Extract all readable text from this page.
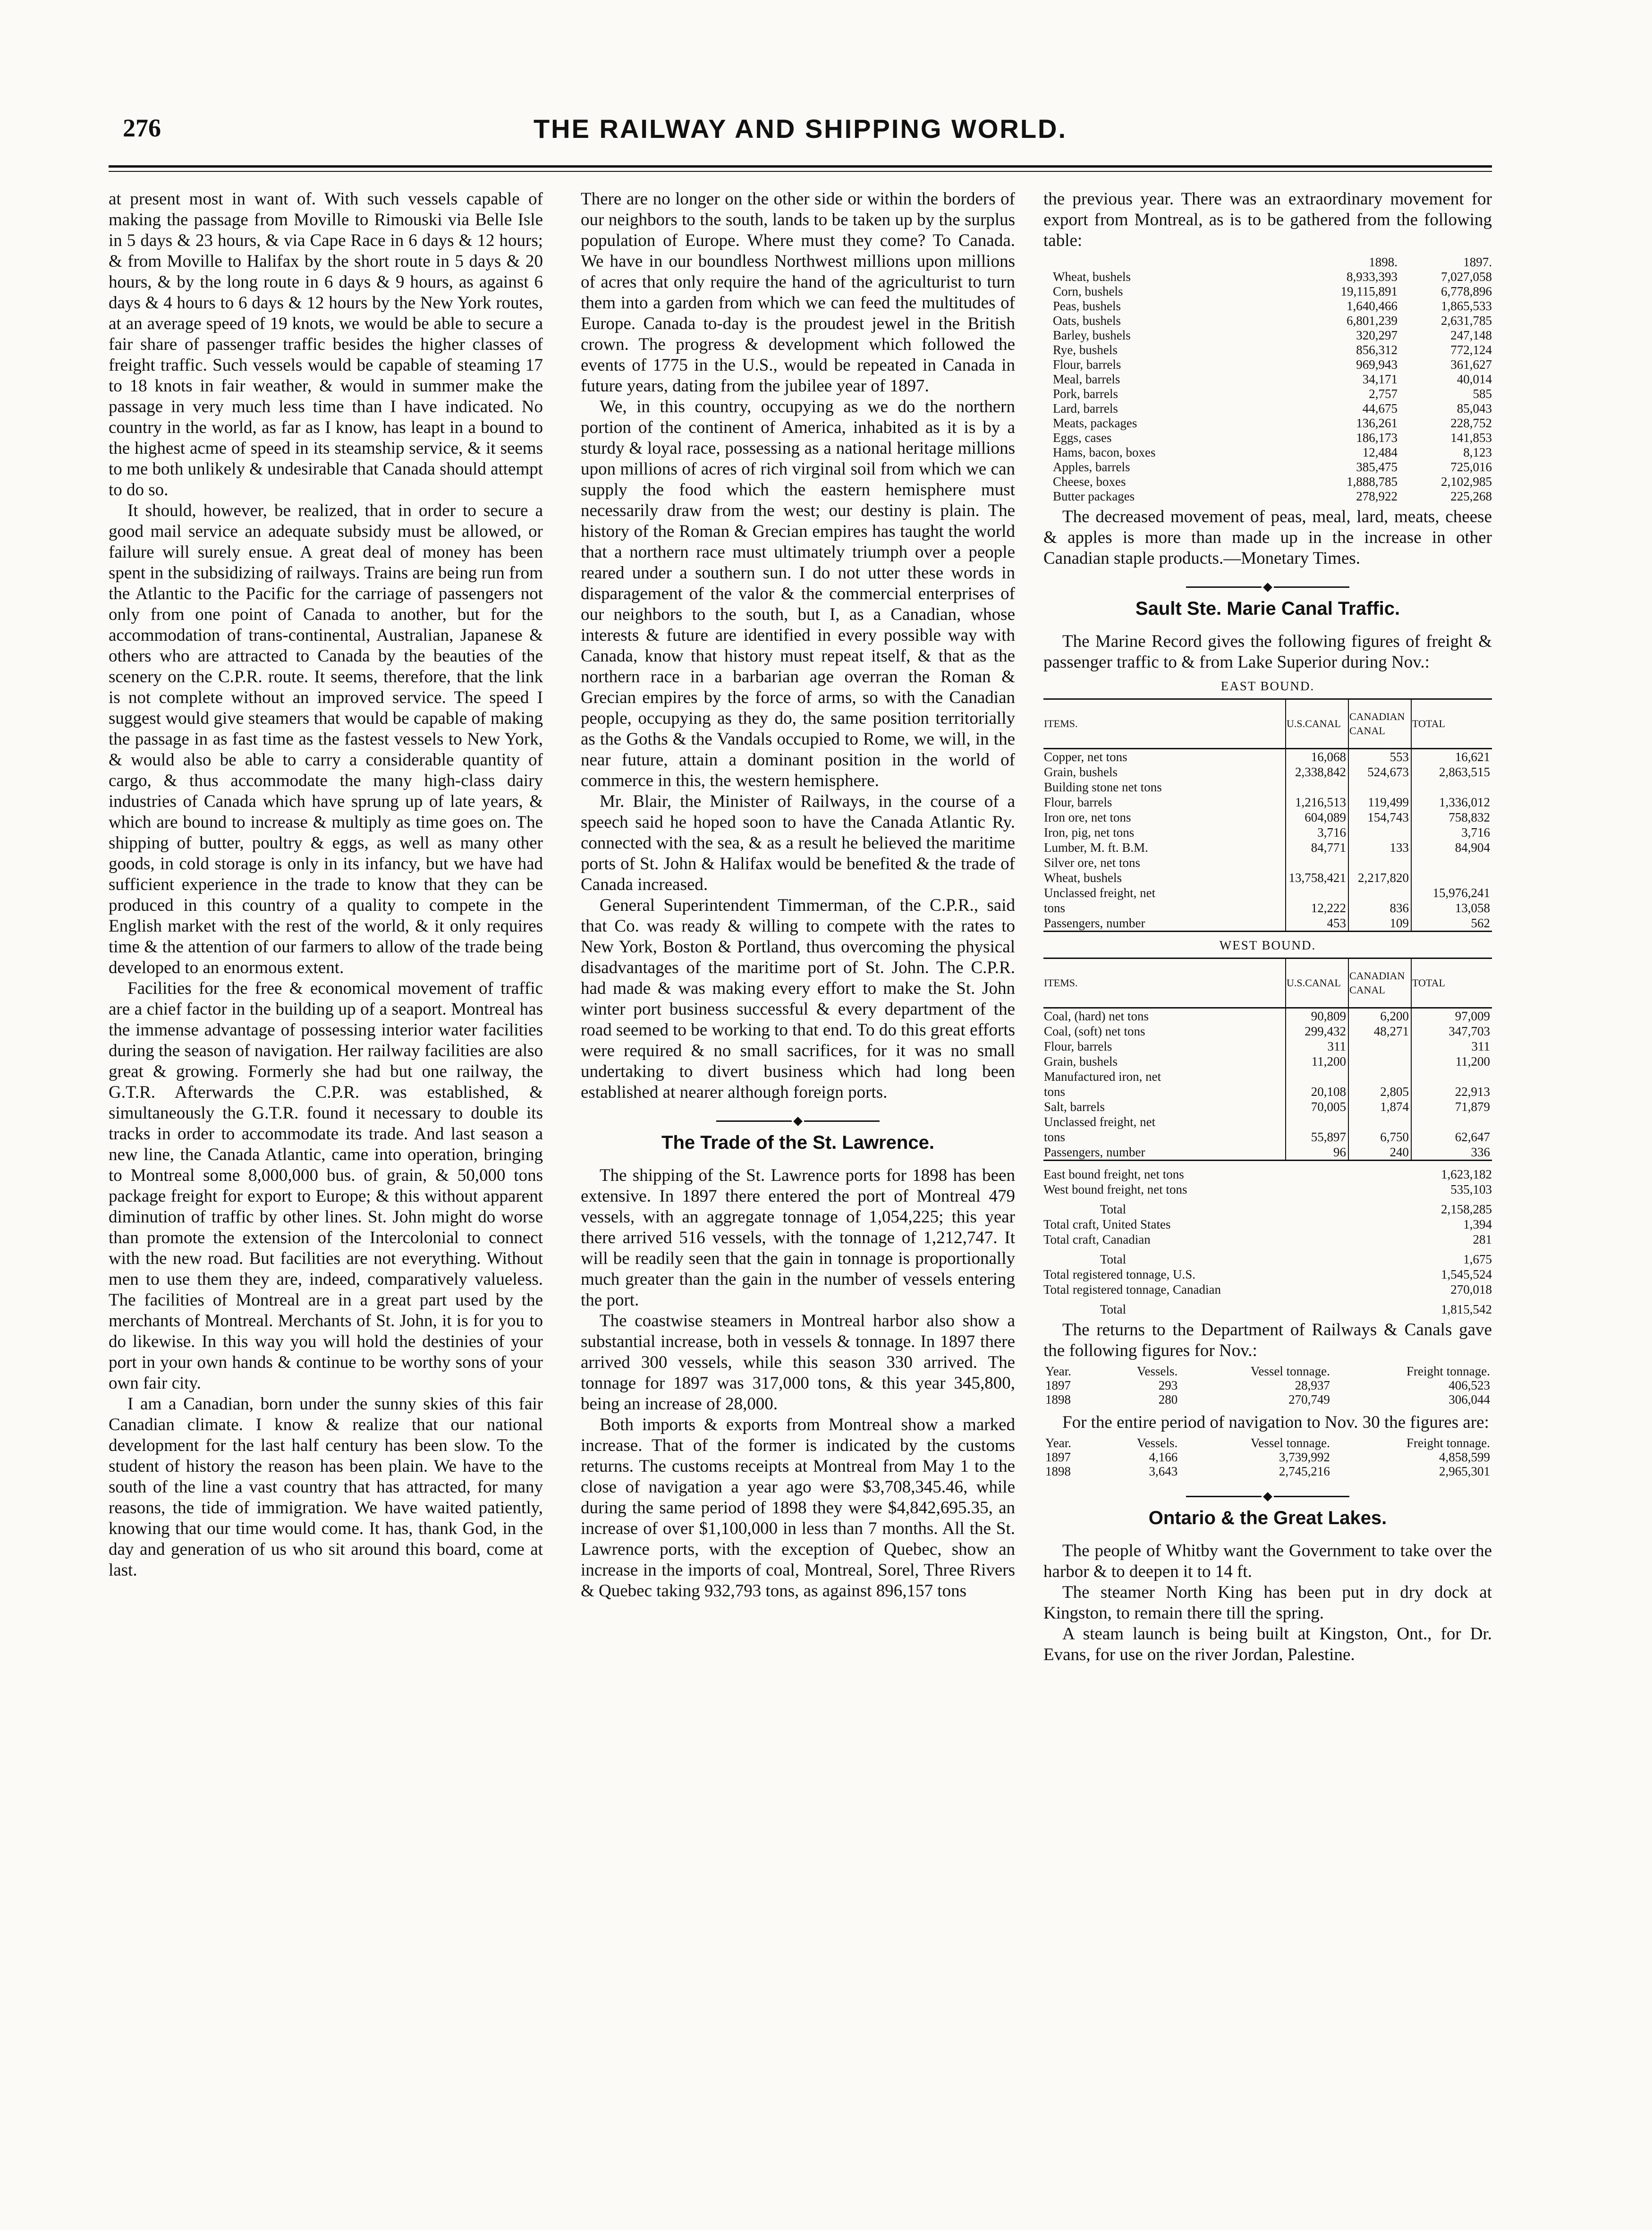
276	THE RAILWAY AND SHIPPING WORLD.

at present most in want of. With such vessels capable of making the passage from Moville to Rimouski via Belle Isle in 5 days & 23 hours, & via Cape Race in 6 days & 12 hours; & from Moville to Halifax by the short route in 5 days & 20 hours, & by the long route in 6 days & 9 hours, as against 6 days & 4 hours to 6 days & 12 hours by the New York routes, at an average speed of 19 knots, we would be able to secure a fair share of passenger traffic besides the higher classes of freight traffic. Such vessels would be capable of steaming 17 to 18 knots in fair weather, & would in summer make the passage in very much less time than I have indicated. No country in the world, as far as I know, has leapt in a bound to the highest acme of speed in its steamship service, & it seems to me both unlikely & undesirable that Canada should attempt to do so.

It should, however, be realized, that in order to secure a good mail service an adequate subsidy must be allowed, or failure will surely ensue. A great deal of money has been spent in the subsidizing of railways. Trains are being run from the Atlantic to the Pacific for the carriage of passengers not only from one point of Canada to another, but for the accommodation of trans-continental, Australian, Japanese & others who are attracted to Canada by the beauties of the scenery on the C.P.R. route. It seems, therefore, that the link is not complete without an improved service. The speed I suggest would give steamers that would be capable of making the passage in as fast time as the fastest vessels to New York, & would also be able to carry a considerable quantity of cargo, & thus accommodate the many high-class dairy industries of Canada which have sprung up of late years, & which are bound to increase & multiply as time goes on. The shipping of butter, poultry & eggs, as well as many other goods, in cold storage is only in its infancy, but we have had sufficient experience in the trade to know that they can be produced in this country of a quality to compete in the English market with the rest of the world, & it only requires time & the attention of our farmers to allow of the trade being developed to an enormous extent.

Facilities for the free & economical movement of traffic are a chief factor in the building up of a seaport. Montreal has the immense advantage of possessing interior water facilities during the season of navigation. Her railway facilities are also great & growing. Formerly she had but one railway, the G.T.R. Afterwards the C.P.R. was established, & simultaneously the G.T.R. found it necessary to double its tracks in order to accommodate its trade. And last season a new line, the Canada Atlantic, came into operation, bringing to Montreal some 8,000,000 bus. of grain, & 50,000 tons package freight for export to Europe; & this without apparent diminution of traffic by other lines. St. John might do worse than promote the extension of the Intercolonial to connect with the new road. But facilities are not everything. Without men to use them they are, indeed, comparatively valueless. The facilities of Montreal are in a great part used by the merchants of Montreal. Merchants of St. John, it is for you to do likewise. In this way you will hold the destinies of your port in your own hands & continue to be worthy sons of your own fair city.

I am a Canadian, born under the sunny skies of this fair Canadian climate. I know & realize that our national development for the last half century has been slow. To the student of history the reason has been plain. We have to the south of the line a vast country that has attracted, for many reasons, the tide of immigration. We have waited patiently, knowing that our time would come. It has, thank God, in the day and generation of us who sit around this board, come at last.

There are no longer on the other side or within the borders of our neighbors to the south, lands to be taken up by the surplus population of Europe. Where must they come? To Canada. We have in our boundless Northwest millions upon millions of acres that only require the hand of the agriculturist to turn them into a garden from which we can feed the multitudes of Europe. Canada to-day is the proudest jewel in the British crown. The progress & development which followed the events of 1775 in the U.S., would be repeated in Canada in future years, dating from the jubilee year of 1897.

We, in this country, occupying as we do the northern portion of the continent of America, inhabited as it is by a sturdy & loyal race, possessing as a national heritage millions upon millions of acres of rich virginal soil from which we can supply the food which the eastern hemisphere must necessarily draw from the west; our destiny is plain. The history of the Roman & Grecian empires has taught the world that a northern race must ultimately triumph over a people reared under a southern sun. I do not utter these words in disparagement of the valor & the commercial enterprises of our neighbors to the south, but I, as a Canadian, whose interests & future are identified in every possible way with Canada, know that history must repeat itself, & that as the northern race in a barbarian age overran the Roman & Grecian empires by the force of arms, so with the Canadian people, occupying as they do, the same position territorially as the Goths & the Vandals occupied to Rome, we will, in the near future, attain a dominant position in the world of commerce in this, the western hemisphere.

Mr. Blair, the Minister of Railways, in the course of a speech said he hoped soon to have the Canada Atlantic Ry. connected with the sea, & as a result he believed the maritime ports of St. John & Halifax would be benefited & the trade of Canada increased.

General Superintendent Timmerman, of the C.P.R., said that Co. was ready & willing to compete with the rates to New York, Boston & Portland, thus overcoming the physical disadvantages of the maritime port of St. John. The C.P.R. had made & was making every effort to make the St. John winter port business successful & every department of the road seemed to be working to that end. To do this great efforts were required & no small sacrifices, for it was no small undertaking to divert business which had long been established at nearer although foreign ports.

The Trade of the St. Lawrence.

The shipping of the St. Lawrence ports for 1898 has been extensive. In 1897 there entered the port of Montreal 479 vessels, with an aggregate tonnage of 1,054,225; this year there arrived 516 vessels, with the tonnage of 1,212,747. It will be readily seen that the gain in tonnage is proportionally much greater than the gain in the number of vessels entering the port.

The coastwise steamers in Montreal harbor also show a substantial increase, both in vessels & tonnage. In 1897 there arrived 300 vessels, while this season 330 arrived. The tonnage for 1897 was 317,000 tons, & this year 345,800, being an increase of 28,000.

Both imports & exports from Montreal show a marked increase. That of the former is indicated by the customs returns. The customs receipts at Montreal from May 1 to the close of navigation a year ago were $3,708,345.46, while during the same period of 1898 they were $4,842,695.35, an increase of over $1,100,000 in less than 7 months. All the St. Lawrence ports, with the exception of Quebec, show an increase in the imports of coal, Montreal, Sorel, Three Rivers & Quebec taking 932,793 tons, as against 896,157 tons

the previous year. There was an extraordinary movement for export from Montreal, as is to be gathered from the following table:

1898.	1897.
Wheat, bushels	8,933,393	7,027,058
Corn, bushels	19,115,891	6,778,896
Peas, bushels	1,640,466	1,865,533
Oats, bushels	6,801,239	2,631,785
Barley, bushels	320,297	247,148
Rye, bushels	856,312	772,124
Flour, barrels	969,943	361,627
Meal, barrels	34,171	40,014
Pork, barrels	2,757	585
Lard, barrels	44,675	85,043
Meats, packages	136,261	228,752
Eggs, cases	186,173	141,853
Hams, bacon, boxes	12,484	8,123
Apples, barrels	385,475	725,016
Cheese, boxes	1,888,785	2,102,985
Butter packages	278,922	225,268

The decreased movement of peas, meal, lard, meats, cheese & apples is more than made up in the increase in other Canadian staple products.—Monetary Times.

Sault Ste. Marie Canal Traffic.

The Marine Record gives the following figures of freight & passenger traffic to & from Lake Superior during Nov.:

EAST BOUND.
ITEMS.	U.S.CANAL	CANADIAN CANAL	TOTAL
Copper, net tons	16,068	553	16,621
Grain, bushels	2,338,842	524,673	2,863,515
Building stone net tons			
Flour, barrels	1,216,513	119,499	1,336,012
Iron ore, net tons	604,089	154,743	758,832
Iron, pig, net tons	3,716		3,716
Lumber, M. ft. B.M.	84,771	133	84,904
Silver ore, net tons			
Wheat, bushels	13,758,421	2,217,820	
Unclassed freight, net			15,976,241
tons	12,222	836	13,058
Passengers, number	453	109	562
WEST BOUND.
ITEMS.	U.S.CANAL	CANADIAN CANAL	TOTAL
Coal, (hard) net tons	90,809	6,200	97,009
Coal, (soft) net tons	299,432	48,271	347,703
Flour, barrels	311		311
Grain, bushels	11,200		11,200
Manufactured iron, net			
tons	20,108	2,805	22,913
Salt, barrels	70,005	1,874	71,879
Unclassed freight, net			
tons	55,897	6,750	62,647
Passengers, number	96	240	336
East bound freight, net tons	1,623,182
West bound freight, net tons	535,103
Total	2,158,285
Total craft, United States	1,394
Total craft, Canadian	281
Total	1,675
Total registered tonnage, U.S.	1,545,524
Total registered tonnage, Canadian	270,018
Total	1,815,542

The returns to the Department of Railways & Canals gave the following figures for Nov.:

Year.	Vessels.	Vessel tonnage.	Freight tonnage.
1897	293	28,937	406,523
1898	280	270,749	306,044

For the entire period of navigation to Nov. 30 the figures are:

Year.	Vessels.	Vessel tonnage.	Freight tonnage.
1897	4,166	3,739,992	4,858,599
1898	3,643	2,745,216	2,965,301
Ontario & the Great Lakes.

The people of Whitby want the Government to take over the harbor & to deepen it to 14 ft.

The steamer North King has been put in dry dock at Kingston, to remain there till the spring.

A steam launch is being built at Kingston, Ont., for Dr. Evans, for use on the river Jordan, Palestine.
